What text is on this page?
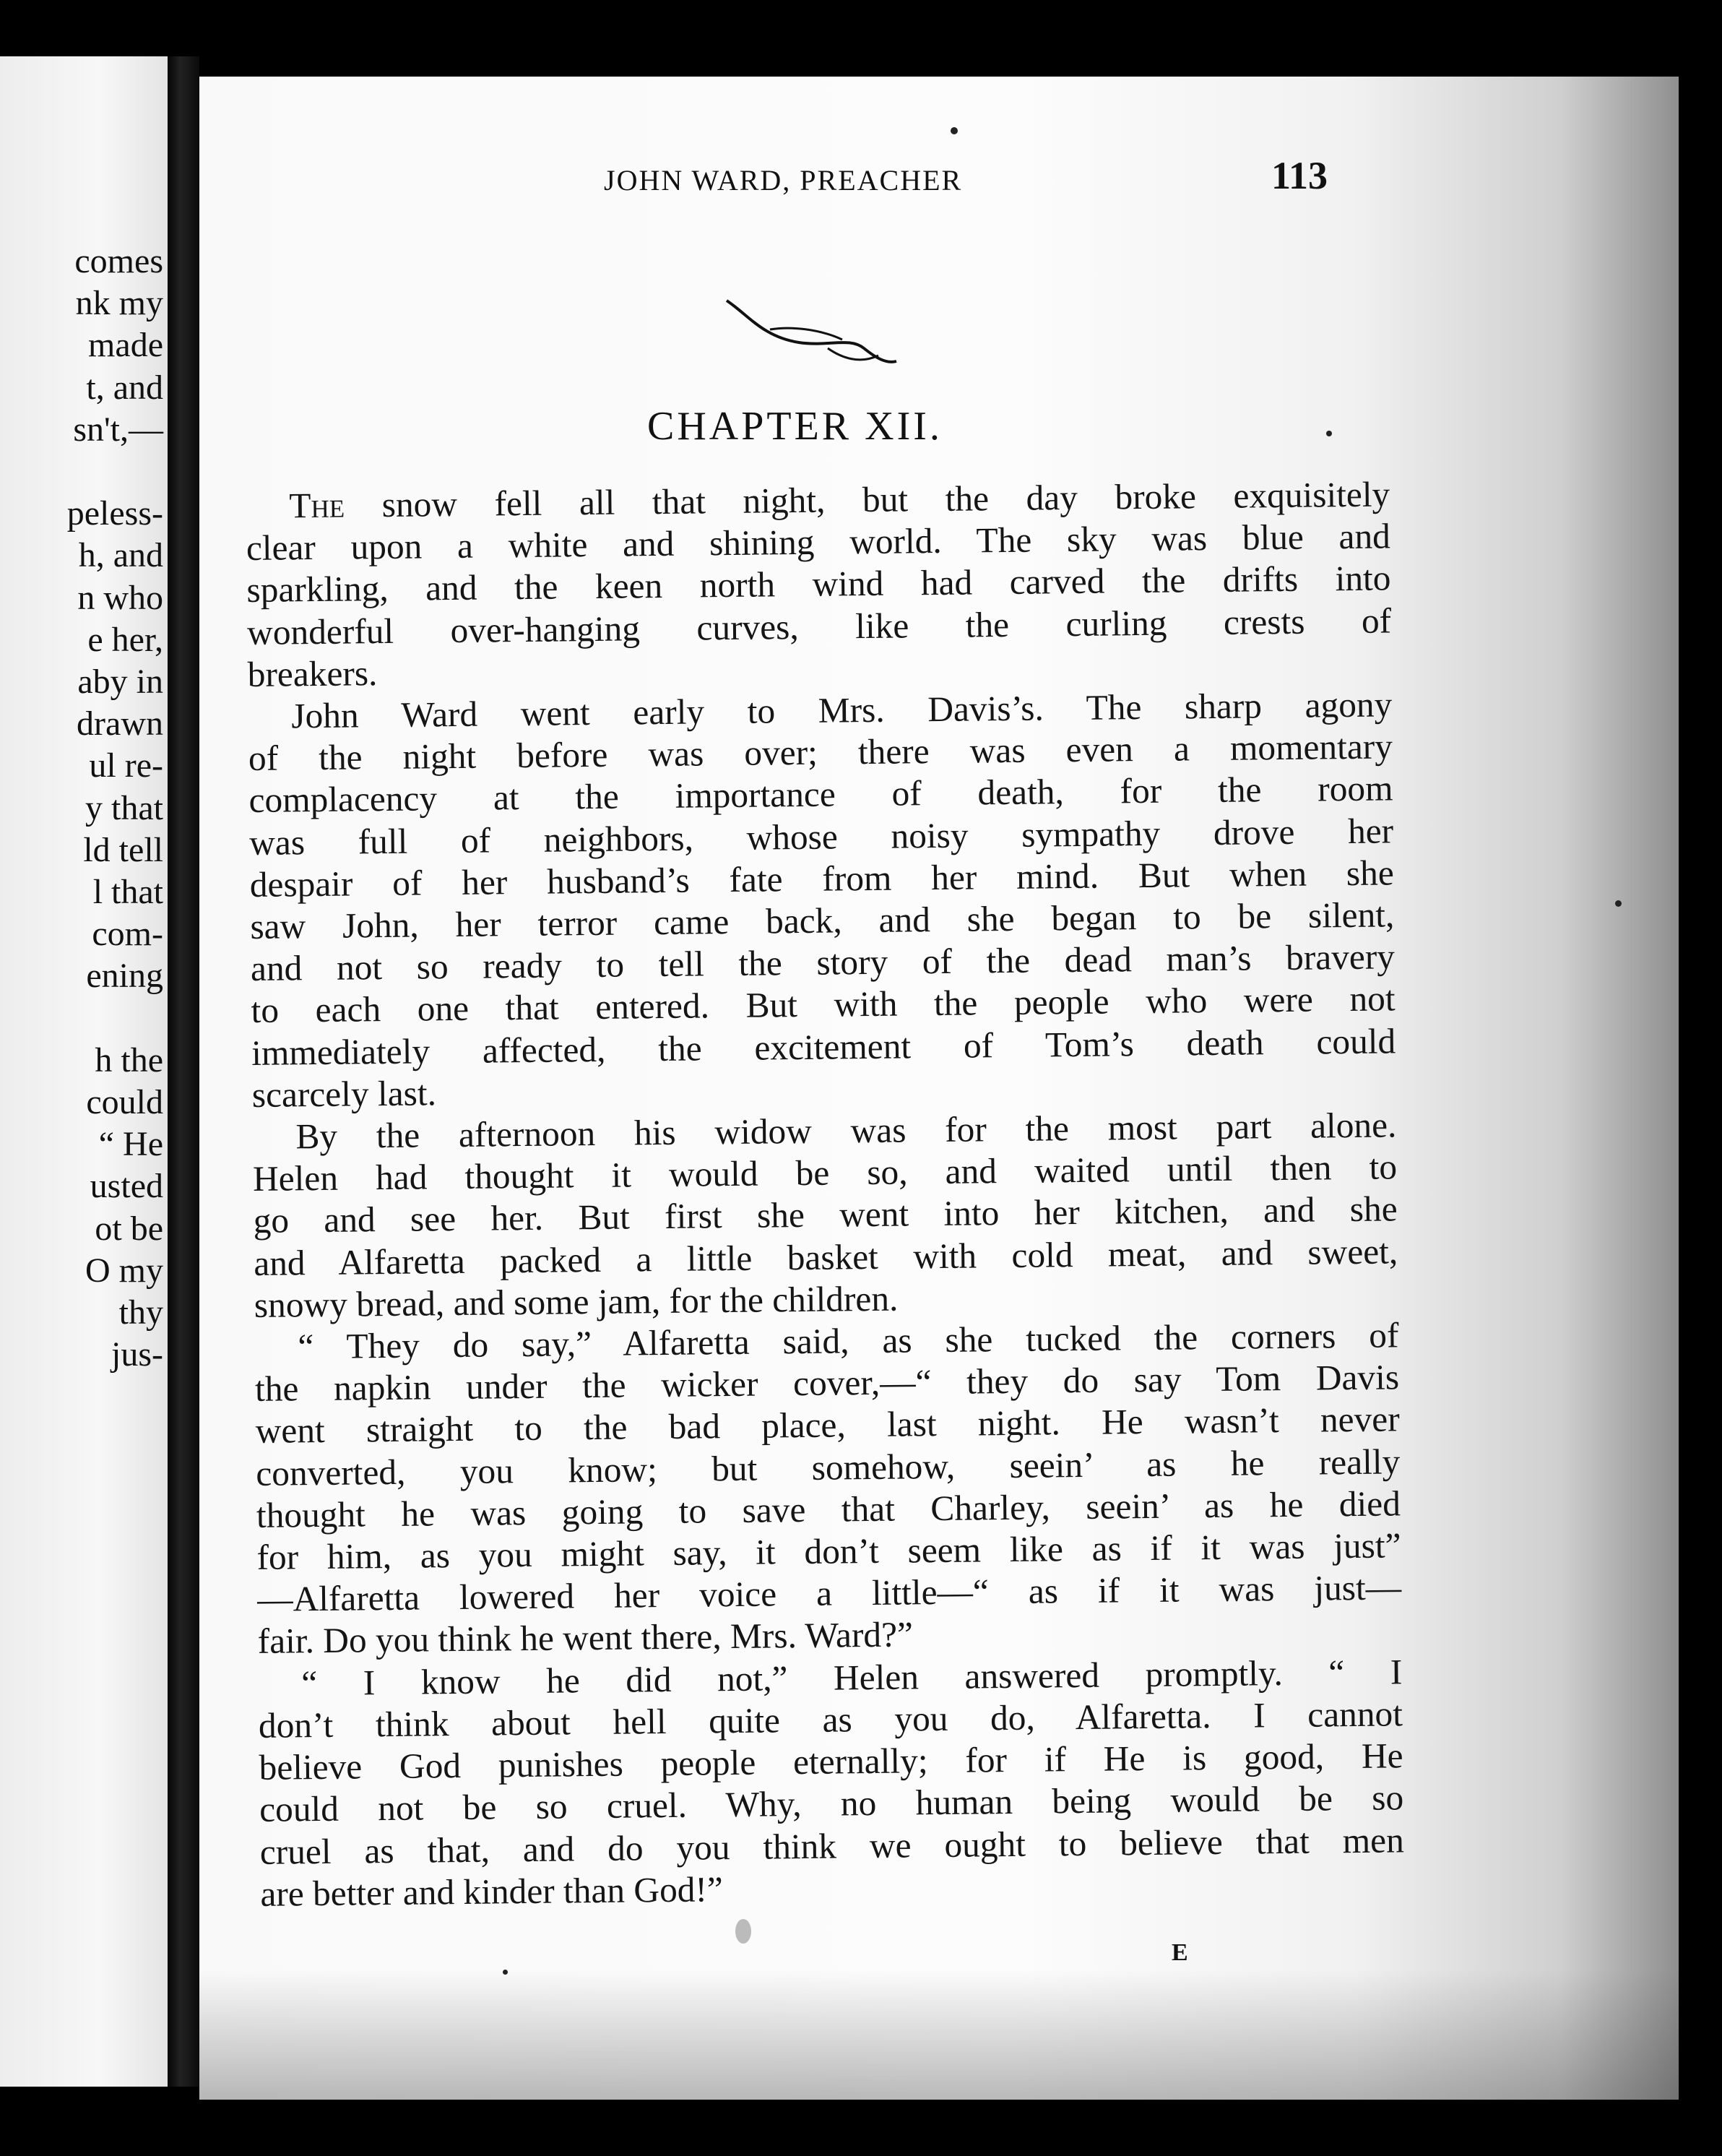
comes
nk my
made
t, and
sn't,—
peless-
h, and
n who
e her,
aby in
drawn
ul re-
y that
ld tell
l that
com-
ening
h the
could
“ He
usted
ot be
O my
thy
jus-
JOHN WARD, PREACHER	113
CHAPTER XII.

The snow fell all that night, but the day broke exquisitely

clear upon a white and shining world. The sky was blue and

sparkling, and the keen north wind had carved the drifts into

wonderful over-hanging curves, like the curling crests of

breakers.

John Ward went early to Mrs. Davis’s. The sharp agony

of the night before was over; there was even a momentary

complacency at the importance of death, for the room

was full of neighbors, whose noisy sympathy drove her

despair of her husband’s fate from her mind. But when she

saw John, her terror came back, and she began to be silent,

and not so ready to tell the story of the dead man’s bravery

to each one that entered. But with the people who were not

immediately affected, the excitement of Tom’s death could

scarcely last.

By the afternoon his widow was for the most part alone.

Helen had thought it would be so, and waited until then to

go and see her. But first she went into her kitchen, and she

and Alfaretta packed a little basket with cold meat, and sweet,

snowy bread, and some jam, for the children.

“ They do say,” Alfaretta said, as she tucked the corners of

the napkin under the wicker cover,—“ they do say Tom Davis

went straight to the bad place, last night. He wasn’t never

converted, you know; but somehow, seein’ as he really

thought he was going to save that Charley, seein’ as he died

for him, as you might say, it don’t seem like as if it was just”

—Alfaretta lowered her voice a little—“ as if it was just—

fair. Do you think he went there, Mrs. Ward?”

“ I know he did not,” Helen answered promptly. “ I

don’t think about hell quite as you do, Alfaretta. I cannot

believe God punishes people eternally; for if He is good, He

could not be so cruel. Why, no human being would be so

cruel as that, and do you think we ought to believe that men

are better and kinder than God!”

E
